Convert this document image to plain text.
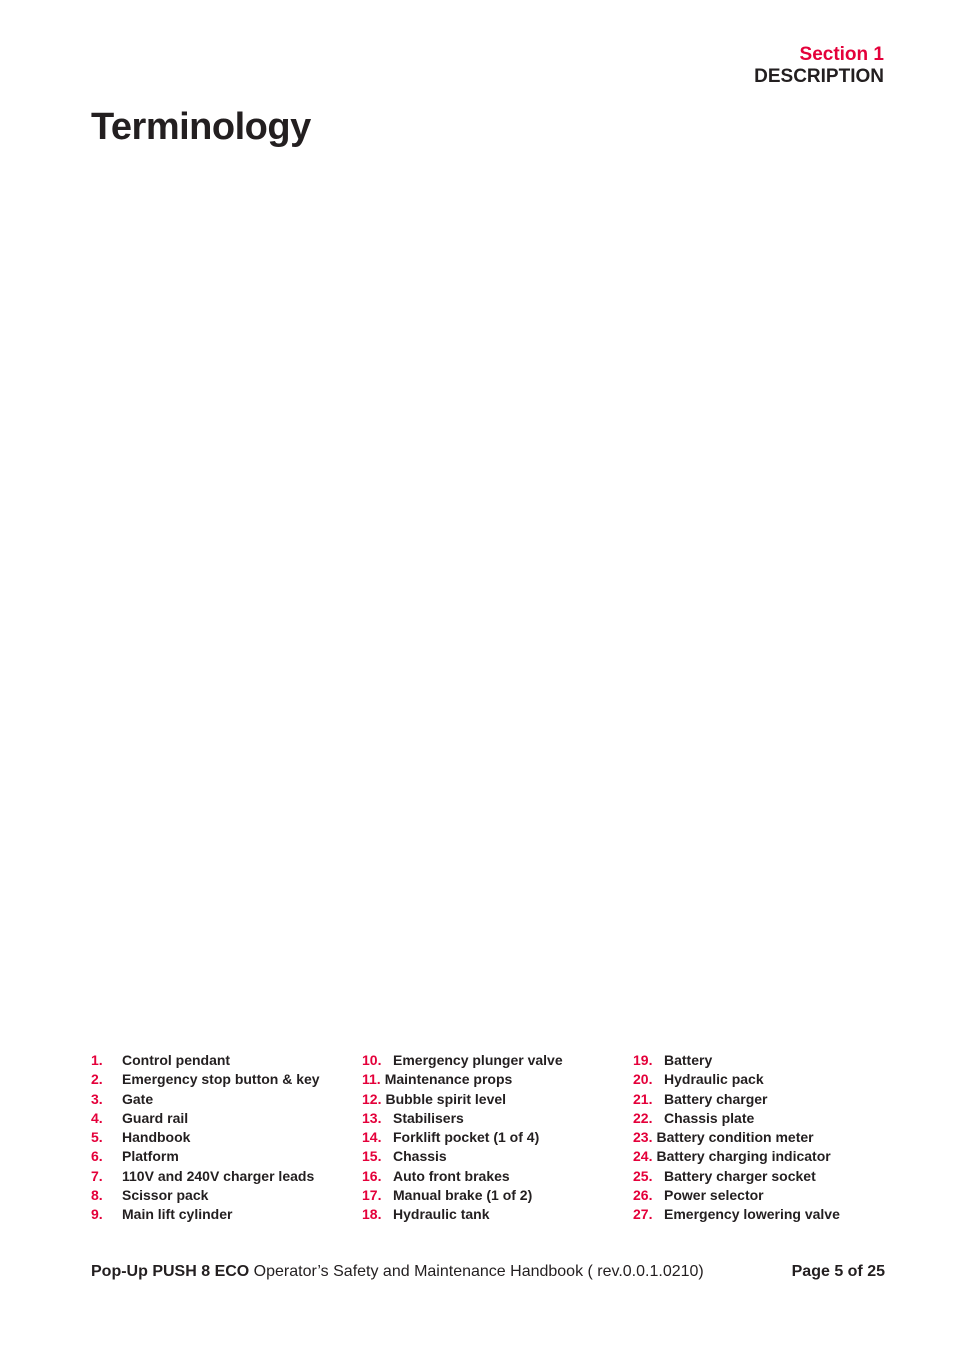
Section 1
DESCRIPTION
Terminology
1. Control pendant
2. Emergency stop button & key
3. Gate
4. Guard rail
5. Handbook
6. Platform
7. 110V and 240V charger leads
8. Scissor pack
9. Main lift cylinder
10. Emergency plunger valve
11. Maintenance props
12. Bubble spirit level
13. Stabilisers
14. Forklift pocket (1 of 4)
15. Chassis
16. Auto front brakes
17. Manual brake (1 of 2)
18. Hydraulic tank
19. Battery
20. Hydraulic pack
21. Battery charger
22. Chassis plate
23. Battery condition meter
24. Battery charging indicator
25. Battery charger socket
26. Power selector
27. Emergency lowering valve
Pop-Up PUSH 8 ECO Operator’s Safety and Maintenance Handbook ( rev.0.0.1.0210)	Page 5 of 25
